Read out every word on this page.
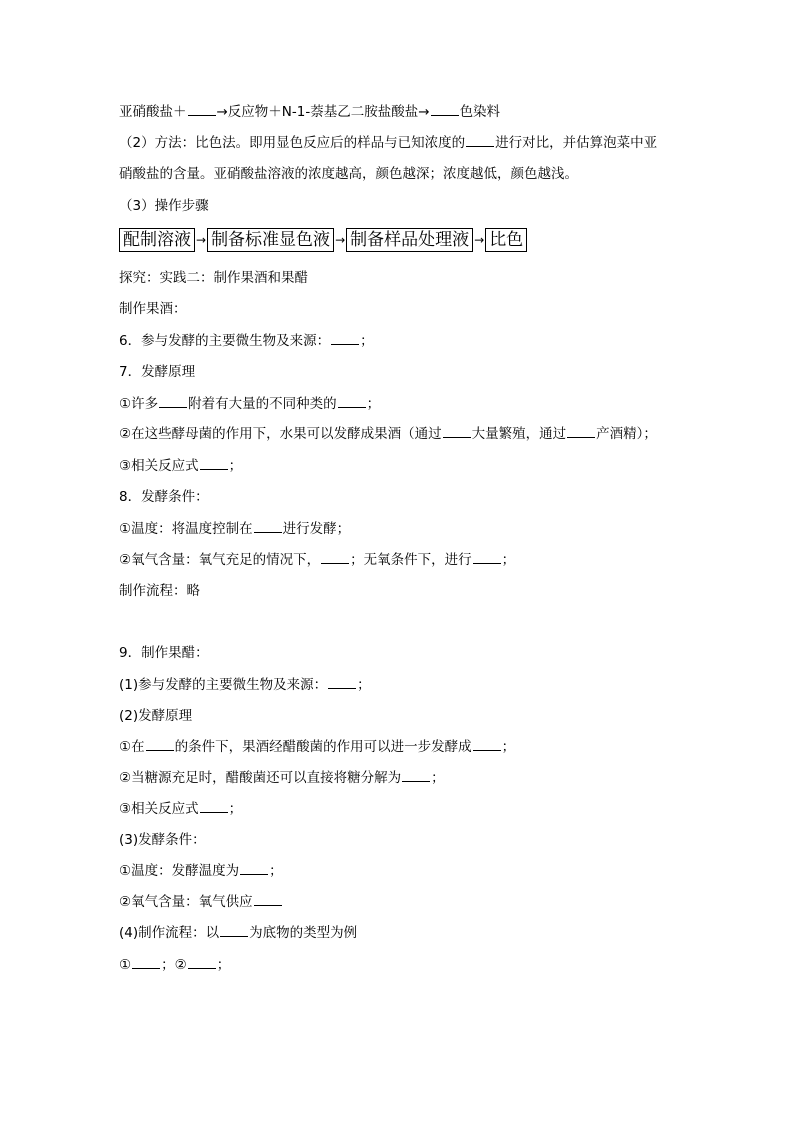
亚硝酸盐＋ →反应物＋N-1-萘基乙二胺盐酸盐→ 色染料
（2）方法：比色法。即用显色反应后的样品与已知浓度的 进行对比，并估算泡菜中亚
硝酸盐的含量。亚硝酸盐溶液的浓度越高，颜色越深；浓度越低，颜色越浅。
（3）操作步骤
探究：实践二：制作果酒和果醋
制作果酒：
6．参与发酵的主要微生物及来源： ；
7．发酵原理
①许多 附着有大量的不同种类的 ；
②在这些酵母菌的作用下，水果可以发酵成果酒（通过 大量繁殖，通过 产酒精）；
③相关反应式 ；
8．发酵条件：
①温度：将温度控制在 进行发酵；
②氧气含量：氧气充足的情况下， ；无氧条件下，进行 ；
制作流程：略
9．制作果醋：
(1)参与发酵的主要微生物及来源： ；
(2)发酵原理
①在 的条件下，果酒经醋酸菌的作用可以进一步发酵成 ；
②当糖源充足时，醋酸菌还可以直接将糖分解为 ；
③相关反应式 ；
(3)发酵条件：
①温度：发酵温度为 ；
②氧气含量：氧气供应
(4)制作流程：以 为底物的类型为例
① ；② ；
配制溶液 → 制备标准显色液 → 制备样品处理液 → 比色
